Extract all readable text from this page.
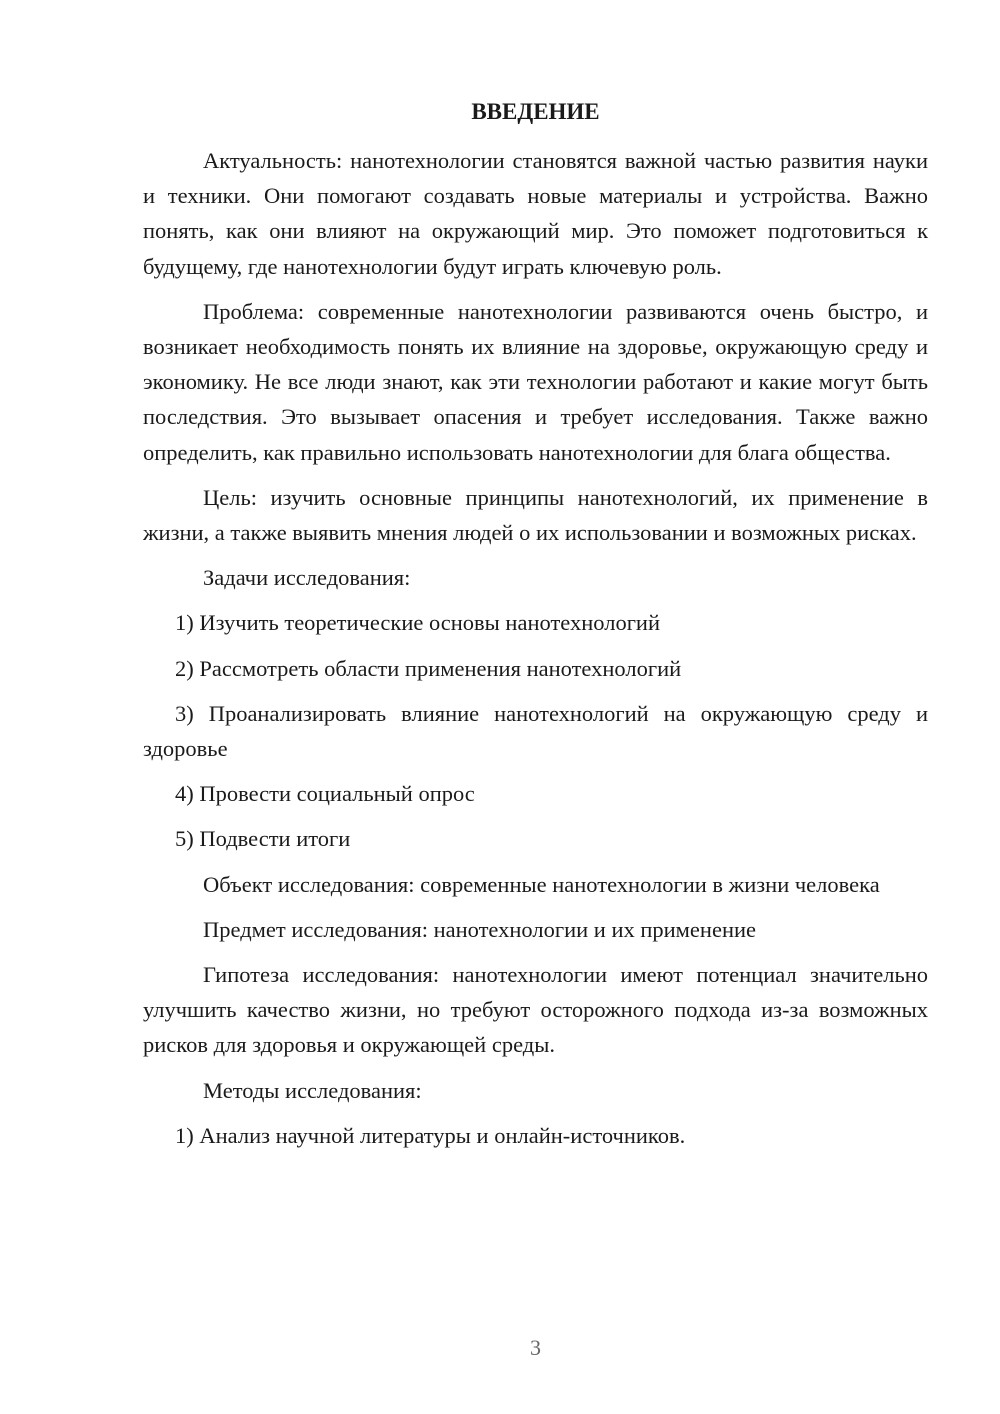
ВВЕДЕНИЕ

Актуальность: нанотехнологии становятся важной частью развития науки и техники. Они помогают создавать новые материалы и устройства. Важно понять, как они влияют на окружающий мир. Это поможет подготовиться к будущему, где нанотехнологии будут играть ключевую роль.

Проблема: современные нанотехнологии развиваются очень быстро, и возникает необходимость понять их влияние на здоровье, окружающую среду и экономику. Не все люди знают, как эти технологии работают и какие могут быть последствия. Это вызывает опасения и требует исследования. Также важно определить, как правильно использовать нанотехнологии для блага общества.

Цель: изучить основные принципы нанотехнологий, их применение в жизни, а также выявить мнения людей о их использовании и возможных рисках.

Задачи исследования:

1) Изучить теоретические основы нанотехнологий

2) Рассмотреть области применения нанотехнологий

3) Проанализировать влияние нанотехнологий на окружающую среду и здоровье

4) Провести социальный опрос

5) Подвести итоги

Объект исследования: современные нанотехнологии в жизни человека

Предмет исследования: нанотехнологии и их применение

Гипотеза исследования: нанотехнологии имеют потенциал значительно улучшить качество жизни, но требуют осторожного подхода из-за возможных рисков для здоровья и окружающей среды.

Методы исследования:

1) Анализ научной литературы и онлайн-источников.

3
